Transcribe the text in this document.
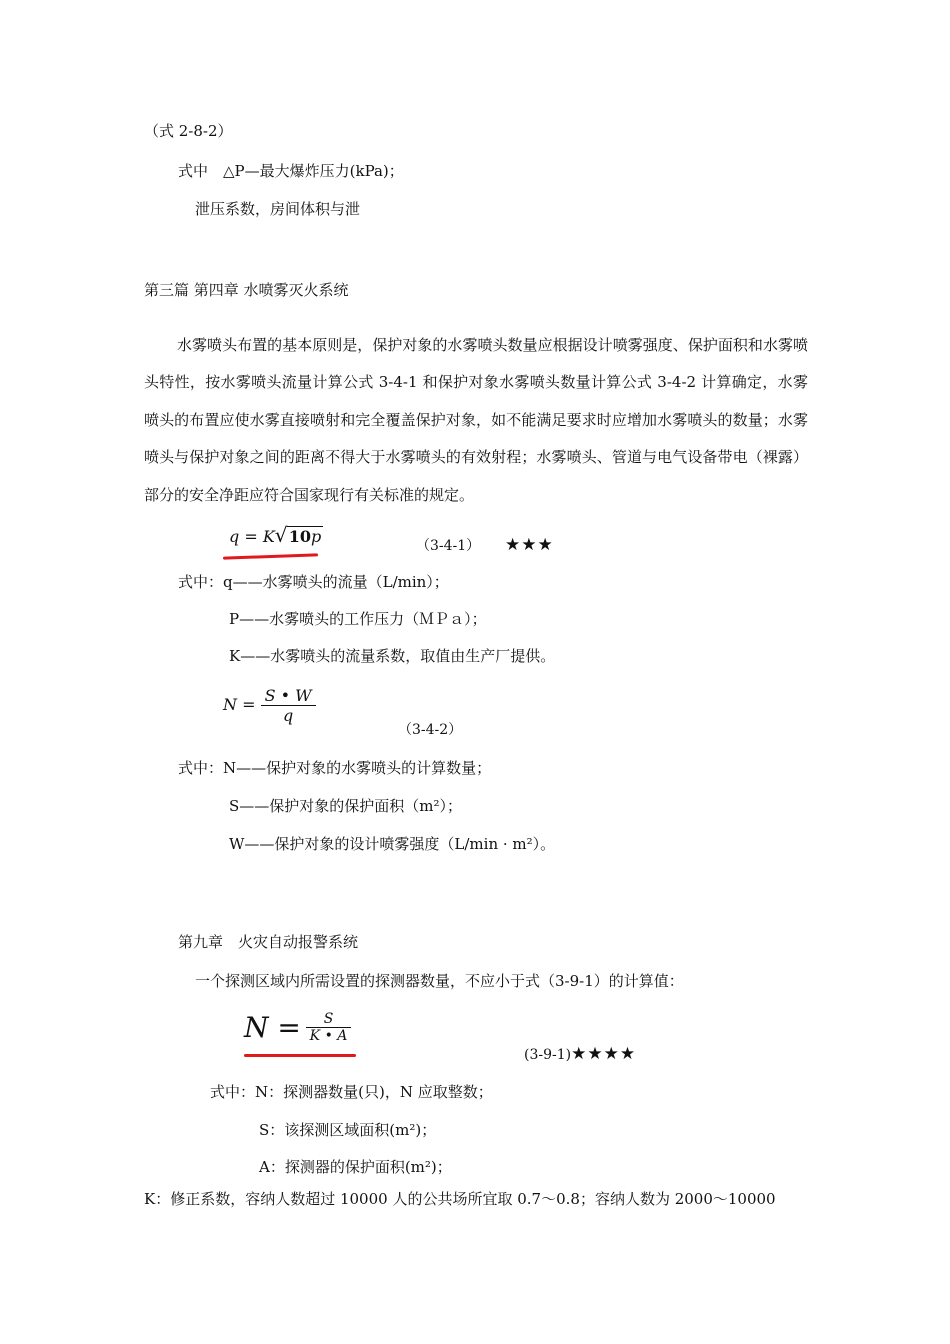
（式 2-8-2）
式中　△P—最大爆炸压力(kPa)；
泄压系数，房间体积与泄
第三篇 第四章 水喷雾灭火系统
水雾喷头布置的基本原则是，保护对象的水雾喷头数量应根据设计喷雾强度、保护面积和水雾喷头特性，按水雾喷头流量计算公式 3-4-1 和保护对象水雾喷头数量计算公式 3-4-2 计算确定，水雾喷头的布置应使水雾直接喷射和完全覆盖保护对象，如不能满足要求时应增加水雾喷头的数量；水雾喷头与保护对象之间的距离不得大于水雾喷头的有效射程；水雾喷头、管道与电气设备带电（裸露）部分的安全净距应符合国家现行有关标准的规定。
q = K √ 10p	（3-4-1） ★★★
式中：q——水雾喷头的流量（L/min）；
P——水雾喷头的工作压力（ＭＰａ）；
K——水雾喷头的流量系数，取值由生产厂提供。
$N = \frac{S • W}{q}$
（3-4-2）
式中：N——保护对象的水雾喷头的计算数量；
S——保护对象的保护面积（m²）；
W——保护对象的设计喷雾强度（L/min · m²）。
第九章　火灾自动报警系统
一个探测区域内所需设置的探测器数量，不应小于式（3-9-1）的计算值：
$N = \frac{S}{K • A}$
(3-9-1)★★★★
式中：N：探测器数量(只)，N 应取整数；
S：该探测区域面积(m²)；
A：探测器的保护面积(m²)；
K：修正系数，容纳人数超过 10000 人的公共场所宜取 0.7～0.8；容纳人数为 2000～10000
